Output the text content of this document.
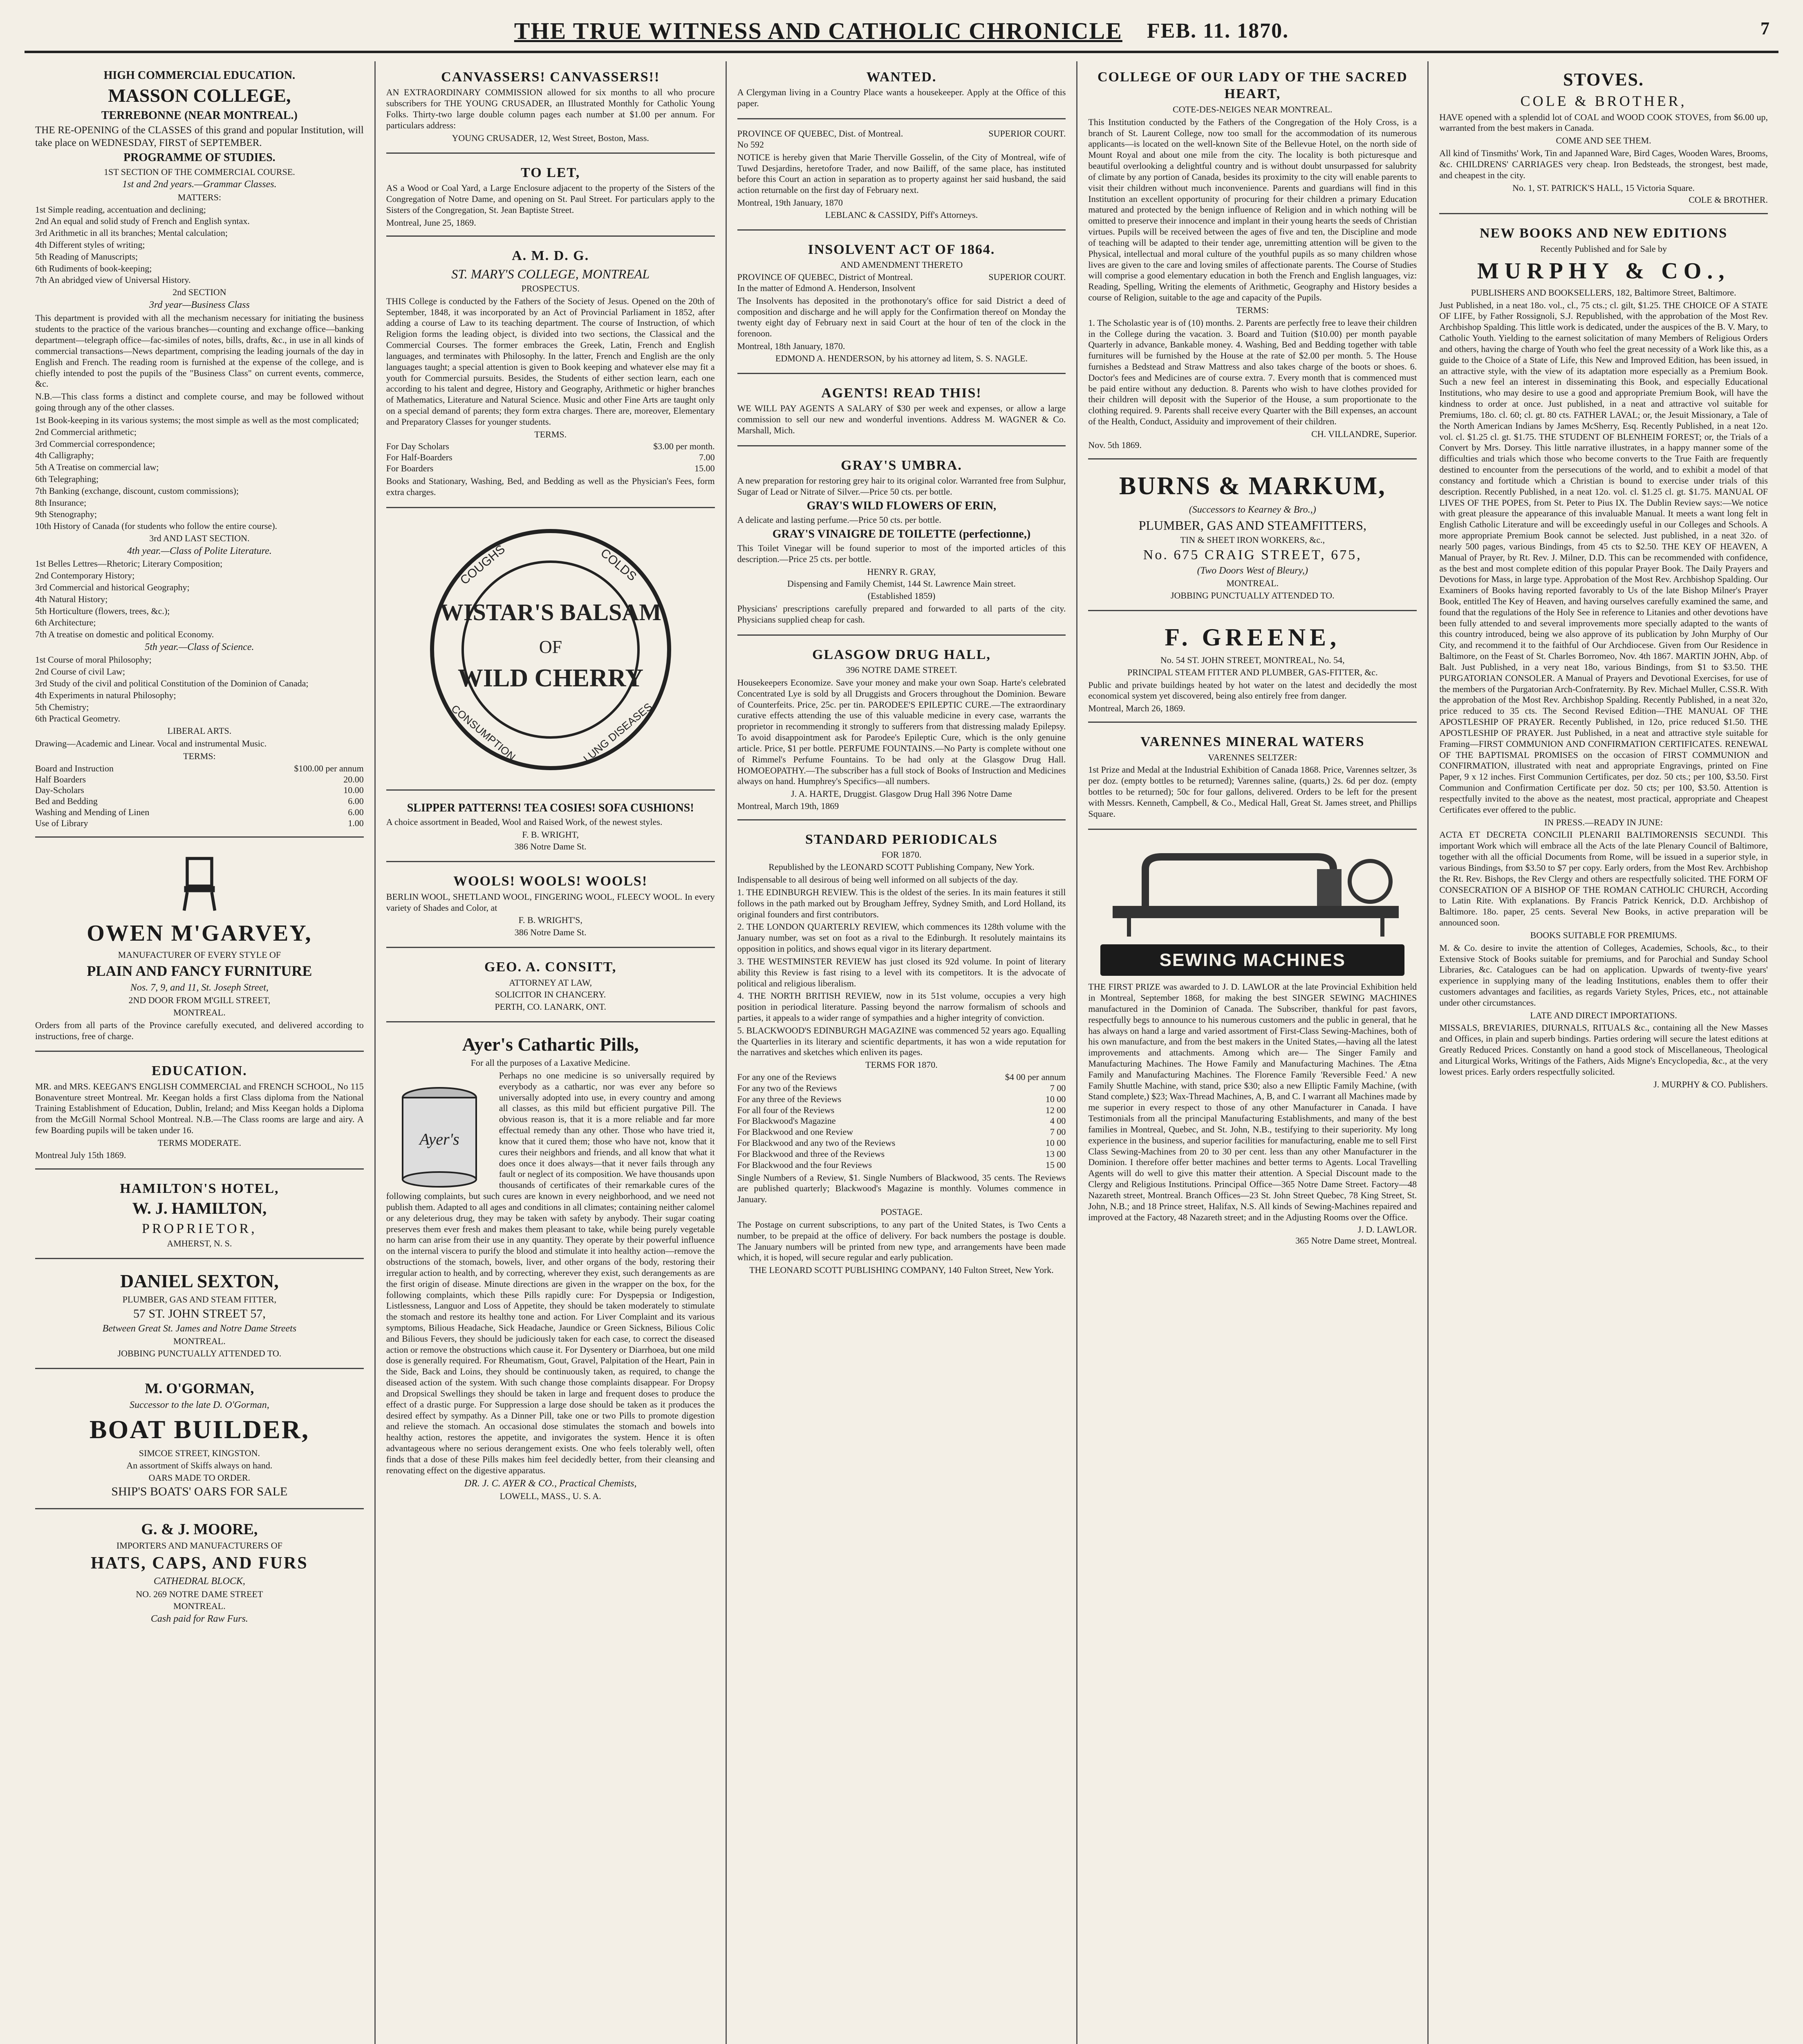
THE TRUE WITNESS AND CATHOLIC CHRONICLE FEB. 11. 1870.	7
HIGH COMMERCIAL EDUCATION.
MASSON COLLEGE,
TERREBONNE (NEAR MONTREAL.)

THE RE-OPENING of the CLASSES of this grand and popular Institution, will take place on WEDNESDAY, FIRST of SEPTEMBER.

PROGRAMME OF STUDIES.
1ST SECTION OF THE COMMERCIAL COURSE.
1st and 2nd years.—Grammar Classes.
MATTERS:
1st Simple reading, accentuation and declining;
2nd An equal and solid study of French and English syntax.
3rd Arithmetic in all its branches; Mental calculation;
4th Different styles of writing;
5th Reading of Manuscripts;
6th Rudiments of book-keeping;
7th An abridged view of Universal History.
2nd SECTION
3rd year—Business Class

This department is provided with all the mechanism necessary for initiating the business students to the practice of the various branches—counting and exchange office—banking department—telegraph office—fac-similes of notes, bills, drafts, &c., in use in all kinds of commercial transactions—News department, comprising the leading journals of the day in English and French. The reading room is furnished at the expense of the college, and is chiefly intended to post the pupils of the "Business Class" on current events, commerce, &c.

N.B.—This class forms a distinct and complete course, and may be followed without going through any of the other classes.

1st Book-keeping in its various systems; the most simple as well as the most complicated;
2nd Commercial arithmetic;
3rd Commercial correspondence;
4th Calligraphy;
5th A Treatise on commercial law;
6th Telegraphing;
7th Banking (exchange, discount, custom commissions);
8th Insurance;
9th Stenography;
10th History of Canada (for students who follow the entire course).
3rd AND LAST SECTION.
4th year.—Class of Polite Literature.
1st Belles Lettres—Rhetoric; Literary Composition;
2nd Contemporary History;
3rd Commercial and historical Geography;
4th Natural History;
5th Horticulture (flowers, trees, &c.);
6th Architecture;
7th A treatise on domestic and political Economy.
5th year.—Class of Science.
1st Course of moral Philosophy;
2nd Course of civil Law;
3rd Study of the civil and political Constitution of the Dominion of Canada;
4th Experiments in natural Philosophy;
5th Chemistry;
6th Practical Geometry.
LIBERAL ARTS.

Drawing—Academic and Linear. Vocal and instrumental Music.

TERMS:
Board and Instruction	$100.00 per annum
Half Boarders	20.00
Day-Scholars	10.00
Bed and Bedding	6.00
Washing and Mending of Linen	6.00
Use of Library	1.00
OWEN M'GARVEY,
MANUFACTURER OF EVERY STYLE OF
PLAIN AND FANCY FURNITURE
Nos. 7, 9, and 11, St. Joseph Street,
2ND DOOR FROM M'GILL STREET,
MONTREAL.

Orders from all parts of the Province carefully executed, and delivered according to instructions, free of charge.

EDUCATION.

MR. and MRS. KEEGAN'S ENGLISH COMMERCIAL and FRENCH SCHOOL, No 115 Bonaventure street Montreal. Mr. Keegan holds a first Class diploma from the National Training Establishment of Education, Dublin, Ireland; and Miss Keegan holds a Diploma from the McGill Normal School Montreal. N.B.—The Class rooms are large and airy. A few Boarding pupils will be taken under 16.

TERMS MODERATE.
Montreal July 15th 1869.
HAMILTON'S HOTEL,
W. J. HAMILTON,
PROPRIETOR,
AMHERST, N. S.
DANIEL SEXTON,
PLUMBER, GAS AND STEAM FITTER,
57 ST. JOHN STREET 57,
Between Great St. James and Notre Dame Streets
MONTREAL.
JOBBING PUNCTUALLY ATTENDED TO.
M. O'GORMAN,
Successor to the late D. O'Gorman,
BOAT BUILDER,
SIMCOE STREET, KINGSTON.
An assortment of Skiffs always on hand.
OARS MADE TO ORDER.
SHIP'S BOATS' OARS FOR SALE
G. & J. MOORE,
IMPORTERS AND MANUFACTURERS OF
HATS, CAPS, AND FURS
CATHEDRAL BLOCK,
NO. 269 NOTRE DAME STREET
MONTREAL.
Cash paid for Raw Furs.
CANVASSERS! CANVASSERS!!

AN EXTRAORDINARY COMMISSION allowed for six months to all who procure subscribers for THE YOUNG CRUSADER, an Illustrated Monthly for Catholic Young Folks. Thirty-two large double column pages each number at $1.00 per annum. For particulars address:

YOUNG CRUSADER, 12, West Street, Boston, Mass.
TO LET,

AS a Wood or Coal Yard, a Large Enclosure adjacent to the property of the Sisters of the Congregation of Notre Dame, and opening on St. Paul Street. For particulars apply to the Sisters of the Congregation, St. Jean Baptiste Street.

Montreal, June 25, 1869.
A. M. D. G.
ST. MARY'S COLLEGE, MONTREAL
PROSPECTUS.

THIS College is conducted by the Fathers of the Society of Jesus. Opened on the 20th of September, 1848, it was incorporated by an Act of Provincial Parliament in 1852, after adding a course of Law to its teaching department. The course of Instruction, of which Religion forms the leading object, is divided into two sections, the Classical and the Commercial Courses. The former embraces the Greek, Latin, French and English languages, and terminates with Philosophy. In the latter, French and English are the only languages taught; a special attention is given to Book keeping and whatever else may fit a youth for Commercial pursuits. Besides, the Students of either section learn, each one according to his talent and degree, History and Geography, Arithmetic or higher branches of Mathematics, Literature and Natural Science. Music and other Fine Arts are taught only on a special demand of parents; they form extra charges. There are, moreover, Elementary and Preparatory Classes for younger students.

TERMS.
For Day Scholars	$3.00 per month.
For Half-Boarders	7.00
For Boarders	15.00

Books and Stationary, Washing, Bed, and Bedding as well as the Physician's Fees, form extra charges.

WISTAR'S BALSAM
OF
WILD CHERRY
COUGHS	COLDS
CONSUMPTION	LUNG DISEASES
SLIPPER PATTERNS! TEA COSIES! SOFA CUSHIONS!

A choice assortment in Beaded, Wool and Raised Work, of the newest styles.

F. B. WRIGHT,
386 Notre Dame St.
WOOLS! WOOLS! WOOLS!

BERLIN WOOL, SHETLAND WOOL, FINGERING WOOL, FLEECY WOOL. In every variety of Shades and Color, at

F. B. WRIGHT'S,
386 Notre Dame St.
GEO. A. CONSITT,
ATTORNEY AT LAW,
SOLICITOR IN CHANCERY.
PERTH, CO. LANARK, ONT.
Ayer's Cathartic Pills,
For all the purposes of a Laxative Medicine.
Ayer's

Perhaps no one medicine is so universally required by everybody as a cathartic, nor was ever any before so universally adopted into use, in every country and among all classes, as this mild but efficient purgative Pill. The obvious reason is, that it is a more reliable and far more effectual remedy than any other. Those who have tried it, know that it cured them; those who have not, know that it cures their neighbors and friends, and all know that what it does once it does always—that it never fails through any fault or neglect of its composition. We have thousands upon thousands of certificates of their remarkable cures of the following complaints, but such cures are known in every neighborhood, and we need not publish them. Adapted to all ages and conditions in all climates; containing neither calomel or any deleterious drug, they may be taken with safety by anybody. Their sugar coating preserves them ever fresh and makes them pleasant to take, while being purely vegetable no harm can arise from their use in any quantity. They operate by their powerful influence on the internal viscera to purify the blood and stimulate it into healthy action—remove the obstructions of the stomach, bowels, liver, and other organs of the body, restoring their irregular action to health, and by correcting, wherever they exist, such derangements as are the first origin of disease. Minute directions are given in the wrapper on the box, for the following complaints, which these Pills rapidly cure: For Dyspepsia or Indigestion, Listlessness, Languor and Loss of Appetite, they should be taken moderately to stimulate the stomach and restore its healthy tone and action. For Liver Complaint and its various symptoms, Bilious Headache, Sick Headache, Jaundice or Green Sickness, Bilious Colic and Bilious Fevers, they should be judiciously taken for each case, to correct the diseased action or remove the obstructions which cause it. For Dysentery or Diarrhoea, but one mild dose is generally required. For Rheumatism, Gout, Gravel, Palpitation of the Heart, Pain in the Side, Back and Loins, they should be continuously taken, as required, to change the diseased action of the system. With such change those complaints disappear. For Dropsy and Dropsical Swellings they should be taken in large and frequent doses to produce the effect of a drastic purge. For Suppression a large dose should be taken as it produces the desired effect by sympathy. As a Dinner Pill, take one or two Pills to promote digestion and relieve the stomach. An occasional dose stimulates the stomach and bowels into healthy action, restores the appetite, and invigorates the system. Hence it is often advantageous where no serious derangement exists. One who feels tolerably well, often finds that a dose of these Pills makes him feel decidedly better, from their cleansing and renovating effect on the digestive apparatus.

DR. J. C. AYER & CO., Practical Chemists,
LOWELL, MASS., U. S. A.
WANTED.

A Clergyman living in a Country Place wants a housekeeper. Apply at the Office of this paper.

PROVINCE OF QUEBEC, Dist. of Montreal.	SUPERIOR COURT.
No 592

NOTICE is hereby given that Marie Therville Gosselin, of the City of Montreal, wife of Tuwd Desjardins, heretofore Trader, and now Bailiff, of the same place, has instituted before this Court an action in separation as to property against her said husband, the said action returnable on the first day of February next.

Montreal, 19th January, 1870
LEBLANC & CASSIDY, Piff's Attorneys.
INSOLVENT ACT OF 1864.
AND AMENDMENT THERETO
PROVINCE OF QUEBEC, District of Montreal.	SUPERIOR COURT.
In the matter of Edmond A. Henderson, Insolvent

The Insolvents has deposited in the prothonotary's office for said District a deed of composition and discharge and he will apply for the Confirmation thereof on Monday the twenty eight day of February next in said Court at the hour of ten of the clock in the forenoon.

Montreal, 18th January, 1870.
EDMOND A. HENDERSON, by his attorney ad litem, S. S. NAGLE.
AGENTS! READ THIS!

WE WILL PAY AGENTS A SALARY of $30 per week and expenses, or allow a large commission to sell our new and wonderful inventions. Address M. WAGNER & Co. Marshall, Mich.

GRAY'S UMBRA.

A new preparation for restoring grey hair to its original color. Warranted free from Sulphur, Sugar of Lead or Nitrate of Silver.—Price 50 cts. per bottle.

GRAY'S WILD FLOWERS OF ERIN,

A delicate and lasting perfume.—Price 50 cts. per bottle.

GRAY'S VINAIGRE DE TOILETTE (perfectionne,)

This Toilet Vinegar will be found superior to most of the imported articles of this description.—Price 25 cts. per bottle.

HENRY R. GRAY,
Dispensing and Family Chemist, 144 St. Lawrence Main street.
(Established 1859)

Physicians' prescriptions carefully prepared and forwarded to all parts of the city. Physicians supplied cheap for cash.

GLASGOW DRUG HALL,
396 NOTRE DAME STREET.

Housekeepers Economize. Save your money and make your own Soap. Harte's celebrated Concentrated Lye is sold by all Druggists and Grocers throughout the Dominion. Beware of Counterfeits. Price, 25c. per tin. PARODEE'S EPILEPTIC CURE.—The extraordinary curative effects attending the use of this valuable medicine in every case, warrants the proprietor in recommending it strongly to sufferers from that distressing malady Epilepsy. To avoid disappointment ask for Parodee's Epileptic Cure, which is the only genuine article. Price, $1 per bottle. PERFUME FOUNTAINS.—No Party is complete without one of Rimmel's Perfume Fountains. To be had only at the Glasgow Drug Hall. HOMOEOPATHY.—The subscriber has a full stock of Books of Instruction and Medicines always on hand. Humphrey's Specifics—all numbers.

J. A. HARTE, Druggist. Glasgow Drug Hall 396 Notre Dame
Montreal, March 19th, 1869
STANDARD PERIODICALS
FOR 1870.
Republished by the LEONARD SCOTT Publishing Company, New York.

Indispensable to all desirous of being well informed on all subjects of the day.

1. THE EDINBURGH REVIEW. This is the oldest of the series. In its main features it still follows in the path marked out by Brougham Jeffrey, Sydney Smith, and Lord Holland, its original founders and first contributors.

2. THE LONDON QUARTERLY REVIEW, which commences its 128th volume with the January number, was set on foot as a rival to the Edinburgh. It resolutely maintains its opposition in politics, and shows equal vigor in its literary department.

3. THE WESTMINSTER REVIEW has just closed its 92d volume. In point of literary ability this Review is fast rising to a level with its competitors. It is the advocate of political and religious liberalism.

4. THE NORTH BRITISH REVIEW, now in its 51st volume, occupies a very high position in periodical literature. Passing beyond the narrow formalism of schools and parties, it appeals to a wider range of sympathies and a higher integrity of conviction.

5. BLACKWOOD'S EDINBURGH MAGAZINE was commenced 52 years ago. Equalling the Quarterlies in its literary and scientific departments, it has won a wide reputation for the narratives and sketches which enliven its pages.

TERMS FOR 1870.
For any one of the Reviews	$4 00 per annum
For any two of the Reviews	7 00
For any three of the Reviews	10 00
For all four of the Reviews	12 00
For Blackwood's Magazine	4 00
For Blackwood and one Review	7 00
For Blackwood and any two of the Reviews	10 00
For Blackwood and three of the Reviews	13 00
For Blackwood and the four Reviews	15 00

Single Numbers of a Review, $1. Single Numbers of Blackwood, 35 cents. The Reviews are published quarterly; Blackwood's Magazine is monthly. Volumes commence in January.

POSTAGE.

The Postage on current subscriptions, to any part of the United States, is Two Cents a number, to be prepaid at the office of delivery. For back numbers the postage is double. The January numbers will be printed from new type, and arrangements have been made which, it is hoped, will secure regular and early publication.

THE LEONARD SCOTT PUBLISHING COMPANY, 140 Fulton Street, New York.
COLLEGE OF OUR LADY OF THE SACRED HEART,
COTE-DES-NEIGES NEAR MONTREAL.

This Institution conducted by the Fathers of the Congregation of the Holy Cross, is a branch of St. Laurent College, now too small for the accommodation of its numerous applicants—is located on the well-known Site of the Bellevue Hotel, on the north side of Mount Royal and about one mile from the city. The locality is both picturesque and beautiful overlooking a delightful country and is without doubt unsurpassed for salubrity of climate by any portion of Canada, besides its proximity to the city will enable parents to visit their children without much inconvenience. Parents and guardians will find in this Institution an excellent opportunity of procuring for their children a primary Education matured and protected by the benign influence of Religion and in which nothing will be omitted to preserve their innocence and implant in their young hearts the seeds of Christian virtues. Pupils will be received between the ages of five and ten, the Discipline and mode of teaching will be adapted to their tender age, unremitting attention will be given to the Physical, intellectual and moral culture of the youthful pupils as so many children whose lives are given to the care and loving smiles of affectionate parents. The Course of Studies will comprise a good elementary education in both the French and English languages, viz: Reading, Spelling, Writing the elements of Arithmetic, Geography and History besides a course of Religion, suitable to the age and capacity of the Pupils.

TERMS:

1. The Scholastic year is of (10) months. 2. Parents are perfectly free to leave their children in the College during the vacation. 3. Board and Tuition ($10.00) per month payable Quarterly in advance, Bankable money. 4. Washing, Bed and Bedding together with table furnitures will be furnished by the House at the rate of $2.00 per month. 5. The House furnishes a Bedstead and Straw Mattress and also takes charge of the boots or shoes. 6. Doctor's fees and Medicines are of course extra. 7. Every month that is commenced must be paid entire without any deduction. 8. Parents who wish to have clothes provided for their children will deposit with the Superior of the House, a sum proportionate to the clothing required. 9. Parents shall receive every Quarter with the Bill expenses, an account of the Health, Conduct, Assiduity and improvement of their children.

CH. VILLANDRE, Superior.
Nov. 5th 1869.
BURNS & MARKUM,
(Successors to Kearney & Bro.,)
PLUMBER, GAS AND STEAMFITTERS,
TIN & SHEET IRON WORKERS, &c.,
No. 675 CRAIG STREET, 675,
(Two Doors West of Bleury,)
MONTREAL.
JOBBING PUNCTUALLY ATTENDED TO.
F. GREENE,
No. 54 ST. JOHN STREET, MONTREAL, No. 54,
PRINCIPAL STEAM FITTER AND PLUMBER, GAS-FITTER, &c.

Public and private buildings heated by hot water on the latest and decidedly the most economical system yet discovered, being also entirely free from danger.

Montreal, March 26, 1869.
VARENNES MINERAL WATERS
VARENNES SELTZER:

1st Prize and Medal at the Industrial Exhibition of Canada 1868. Price, Varennes seltzer, 3s per doz. (empty bottles to be returned); Varennes saline, (quarts,) 2s. 6d per doz. (empty bottles to be returned); 50c for four gallons, delivered. Orders to be left for the present with Messrs. Kenneth, Campbell, & Co., Medical Hall, Great St. James street, and Phillips Square.

SEWING MACHINES

THE FIRST PRIZE was awarded to J. D. LAWLOR at the late Provincial Exhibition held in Montreal, September 1868, for making the best SINGER SEWING MACHINES manufactured in the Dominion of Canada. The Subscriber, thankful for past favors, respectfully begs to announce to his numerous customers and the public in general, that he has always on hand a large and varied assortment of First-Class Sewing-Machines, both of his own manufacture, and from the best makers in the United States,—having all the latest improvements and attachments. Among which are— The Singer Family and Manufacturing Machines. The Howe Family and Manufacturing Machines. The Ætna Family and Manufacturing Machines. The Florence Family 'Reversible Feed.' A new Family Shuttle Machine, with stand, price $30; also a new Elliptic Family Machine, (with Stand complete,) $23; Wax-Thread Machines, A, B, and C. I warrant all Machines made by me superior in every respect to those of any other Manufacturer in Canada. I have Testimonials from all the principal Manufacturing Establishments, and many of the best families in Montreal, Quebec, and St. John, N.B., testifying to their superiority. My long experience in the business, and superior facilities for manufacturing, enable me to sell First Class Sewing-Machines from 20 to 30 per cent. less than any other Manufacturer in the Dominion. I therefore offer better machines and better terms to Agents. Local Travelling Agents will do well to give this matter their attention. A Special Discount made to the Clergy and Religious Institutions. Principal Office—365 Notre Dame Street. Factory—48 Nazareth street, Montreal. Branch Offices—23 St. John Street Quebec, 78 King Street, St. John, N.B.; and 18 Prince street, Halifax, N.S. All kinds of Sewing-Machines repaired and improved at the Factory, 48 Nazareth street; and in the Adjusting Rooms over the Office.

J. D. LAWLOR.
365 Notre Dame street, Montreal.
STOVES.
COLE & BROTHER,

HAVE opened with a splendid lot of COAL and WOOD COOK STOVES, from $6.00 up, warranted from the best makers in Canada.

COME AND SEE THEM.

All kind of Tinsmiths' Work, Tin and Japanned Ware, Bird Cages, Wooden Wares, Brooms, &c. CHILDRENS' CARRIAGES very cheap. Iron Bedsteads, the strongest, best made, and cheapest in the city.

No. 1, ST. PATRICK'S HALL, 15 Victoria Square.
COLE & BROTHER.
NEW BOOKS AND NEW EDITIONS
Recently Published and for Sale by
MURPHY & CO.,
PUBLISHERS AND BOOKSELLERS, 182, Baltimore Street, Baltimore.

Just Published, in a neat 18o. vol., cl., 75 cts.; cl. gilt, $1.25. THE CHOICE OF A STATE OF LIFE, by Father Rossignoli, S.J. Republished, with the approbation of the Most Rev. Archbishop Spalding. This little work is dedicated, under the auspices of the B. V. Mary, to Catholic Youth. Yielding to the earnest solicitation of many Members of Religious Orders and others, having the charge of Youth who feel the great necessity of a Work like this, as a guide to the Choice of a State of Life, this New and Improved Edition, has been issued, in an attractive style, with the view of its adaptation more especially as a Premium Book. Such a new feel an interest in disseminating this Book, and especially Educational Institutions, who may desire to use a good and appropriate Premium Book, will have the kindness to order at once. Just published, in a neat and attractive vol suitable for Premiums, 18o. cl. 60; cl. gt. 80 cts. FATHER LAVAL; or, the Jesuit Missionary, a Tale of the North American Indians by James McSherry, Esq. Recently Published, in a neat 12o. vol. cl. $1.25 cl. gt. $1.75. THE STUDENT OF BLENHEIM FOREST; or, the Trials of a Convert by Mrs. Dorsey. This little narrative illustrates, in a happy manner some of the difficulties and trials which those who become converts to the True Faith are frequently destined to encounter from the persecutions of the world, and to exhibit a model of that constancy and fortitude which a Christian is bound to exercise under trials of this description. Recently Published, in a neat 12o. vol. cl. $1.25 cl. gt. $1.75. MANUAL OF LIVES OF THE POPES, from St. Peter to Pius IX. The Dublin Review says:—We notice with great pleasure the appearance of this invaluable Manual. It meets a want long felt in English Catholic Literature and will be exceedingly useful in our Colleges and Schools. A more appropriate Premium Book cannot be selected. Just published, in a neat 32o. of nearly 500 pages, various Bindings, from 45 cts to $2.50. THE KEY OF HEAVEN, A Manual of Prayer, by Rt. Rev. J. Milner, D.D. This can be recommended with confidence, as the best and most complete edition of this popular Prayer Book. The Daily Prayers and Devotions for Mass, in large type. Approbation of the Most Rev. Archbishop Spalding. Our Examiners of Books having reported favorably to Us of the late Bishop Milner's Prayer Book, entitled The Key of Heaven, and having ourselves carefully examined the same, and found that the regulations of the Holy See in reference to Litanies and other devotions have been fully attended to and several improvements more specially adapted to the wants of this country introduced, being we also approve of its publication by John Murphy of Our City, and recommend it to the faithful of Our Archdiocese. Given from Our Residence in Baltimore, on the Feast of St. Charles Borromeo, Nov. 4th 1867. MARTIN JOHN, Abp. of Balt. Just Published, in a very neat 18o, various Bindings, from $1 to $3.50. THE PURGATORIAN CONSOLER. A Manual of Prayers and Devotional Exercises, for use of the members of the Purgatorian Arch-Confraternity. By Rev. Michael Muller, C.SS.R. With the approbation of the Most Rev. Archbishop Spalding. Recently Published, in a neat 32o, price reduced to 35 cts. The Second Revised Edition—THE MANUAL OF THE APOSTLESHIP OF PRAYER. Recently Published, in 12o, price reduced $1.50. THE APOSTLESHIP OF PRAYER. Just Published, in a neat and attractive style suitable for Framing—FIRST COMMUNION AND CONFIRMATION CERTIFICATES. RENEWAL OF THE BAPTISMAL PROMISES on the occasion of FIRST COMMUNION and CONFIRMATION, illustrated with neat and appropriate Engravings, printed on Fine Paper, 9 x 12 inches. First Communion Certificates, per doz. 50 cts.; per 100, $3.50. First Communion and Confirmation Certificate per doz. 50 cts; per 100, $3.50. Attention is respectfully invited to the above as the neatest, most practical, appropriate and Cheapest Certificates ever offered to the public.

IN PRESS.—READY IN JUNE:

ACTA ET DECRETA CONCILII PLENARII BALTIMORENSIS SECUNDI. This important Work which will embrace all the Acts of the late Plenary Council of Baltimore, together with all the official Documents from Rome, will be issued in a superior style, in various Bindings, from $3.50 to $7 per copy. Early orders, from the Most Rev. Archbishop the Rt. Rev. Bishops, the Rev Clergy and others are respectfully solicited. THE FORM OF CONSECRATION OF A BISHOP OF THE ROMAN CATHOLIC CHURCH, According to Latin Rite. With explanations. By Francis Patrick Kenrick, D.D. Archbishop of Baltimore. 18o. paper, 25 cents. Several New Books, in active preparation will be announced soon.

BOOKS SUITABLE FOR PREMIUMS.

M. & Co. desire to invite the attention of Colleges, Academies, Schools, &c., to their Extensive Stock of Books suitable for premiums, and for Parochial and Sunday School Libraries, &c. Catalogues can be had on application. Upwards of twenty-five years' experience in supplying many of the leading Institutions, enables them to offer their customers advantages and facilities, as regards Variety Styles, Prices, etc., not attainable under other circumstances.

LATE AND DIRECT IMPORTATIONS.

MISSALS, BREVIARIES, DIURNALS, RITUALS &c., containing all the New Masses and Offices, in plain and superb bindings. Parties ordering will secure the latest editions at Greatly Reduced Prices. Constantly on hand a good stock of Miscellaneous, Theological and Liturgical Works, Writings of the Fathers, Aids Migne's Encyclopedia, &c., at the very lowest prices. Early orders respectfully solicited.

J. MURPHY & CO. Publishers.
